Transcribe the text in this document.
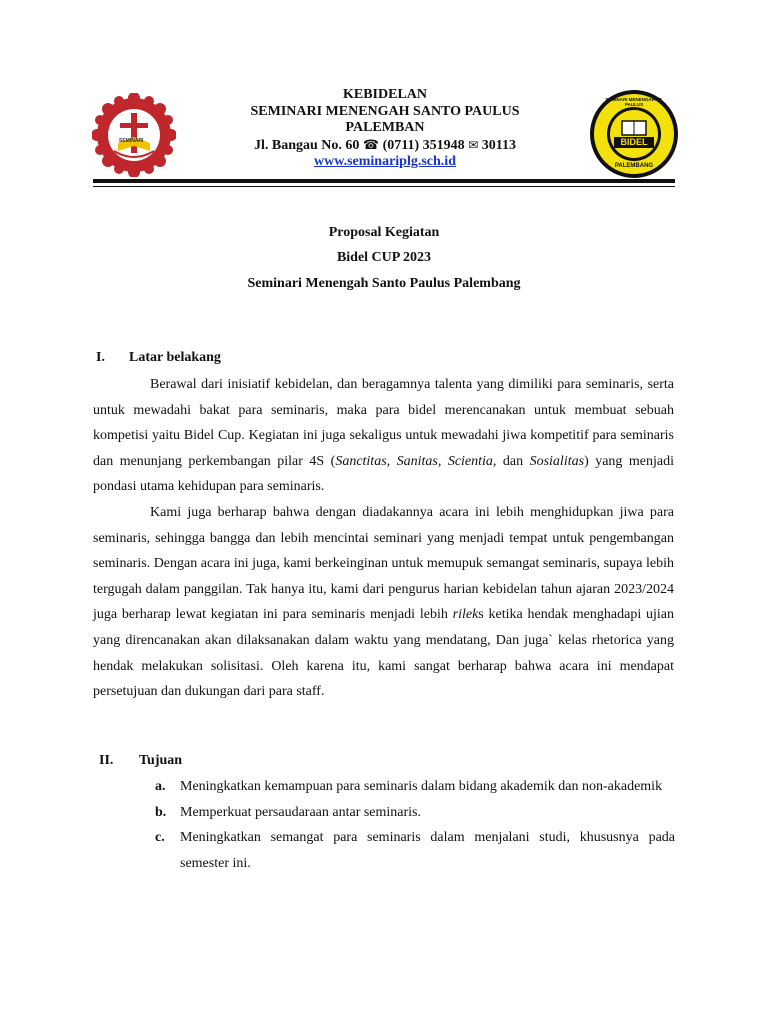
SEMINARI	BIDEL
SEMINARI MENENGAH ST. PAULUS
PALEMBANG
KEBIDELAN
SEMINARI MENENGAH SANTO PAULUS
PALEMBAN
Jl. Bangau No. 60 ☎ (0711) 351948 ✉ 30113
www.seminariplg.sch.id
Proposal Kegiatan
Bidel CUP 2023
Seminari Menengah Santo Paulus Palembang
I. Latar belakang

Berawal dari inisiatif kebidelan, dan beragamnya talenta yang dimiliki para seminaris, serta untuk mewadahi bakat para seminaris, maka para bidel merencanakan untuk membuat sebuah kompetisi yaitu Bidel Cup. Kegiatan ini juga sekaligus untuk mewadahi jiwa kompetitif para seminaris dan menunjang perkembangan pilar 4S (Sanctitas, Sanitas, Scientia, dan Sosialitas) yang menjadi pondasi utama kehidupan para seminaris.

Kami juga berharap bahwa dengan diadakannya acara ini lebih menghidupkan jiwa para seminaris, sehingga bangga dan lebih mencintai seminari yang menjadi tempat untuk pengembangan seminaris. Dengan acara ini juga, kami berkeinginan untuk memupuk semangat seminaris, supaya lebih tergugah dalam panggilan. Tak hanya itu, kami dari pengurus harian kebidelan tahun ajaran 2023/2024 juga berharap lewat kegiatan ini para seminaris menjadi lebih rileks ketika hendak menghadapi ujian yang direncanakan akan dilaksanakan dalam waktu yang mendatang, Dan juga` kelas rhetorica yang hendak melakukan solisitasi. Oleh karena itu, kami sangat berharap bahwa acara ini mendapat persetujuan dan dukungan dari para staff.

II. Tujuan
a.	Meningkatkan kemampuan para seminaris dalam bidang akademik dan non-akademik
b. Memperkuat persaudaraan antar seminaris.
c.	Meningkatkan semangat para seminaris dalam menjalani studi, khususnya pada semester ini.
